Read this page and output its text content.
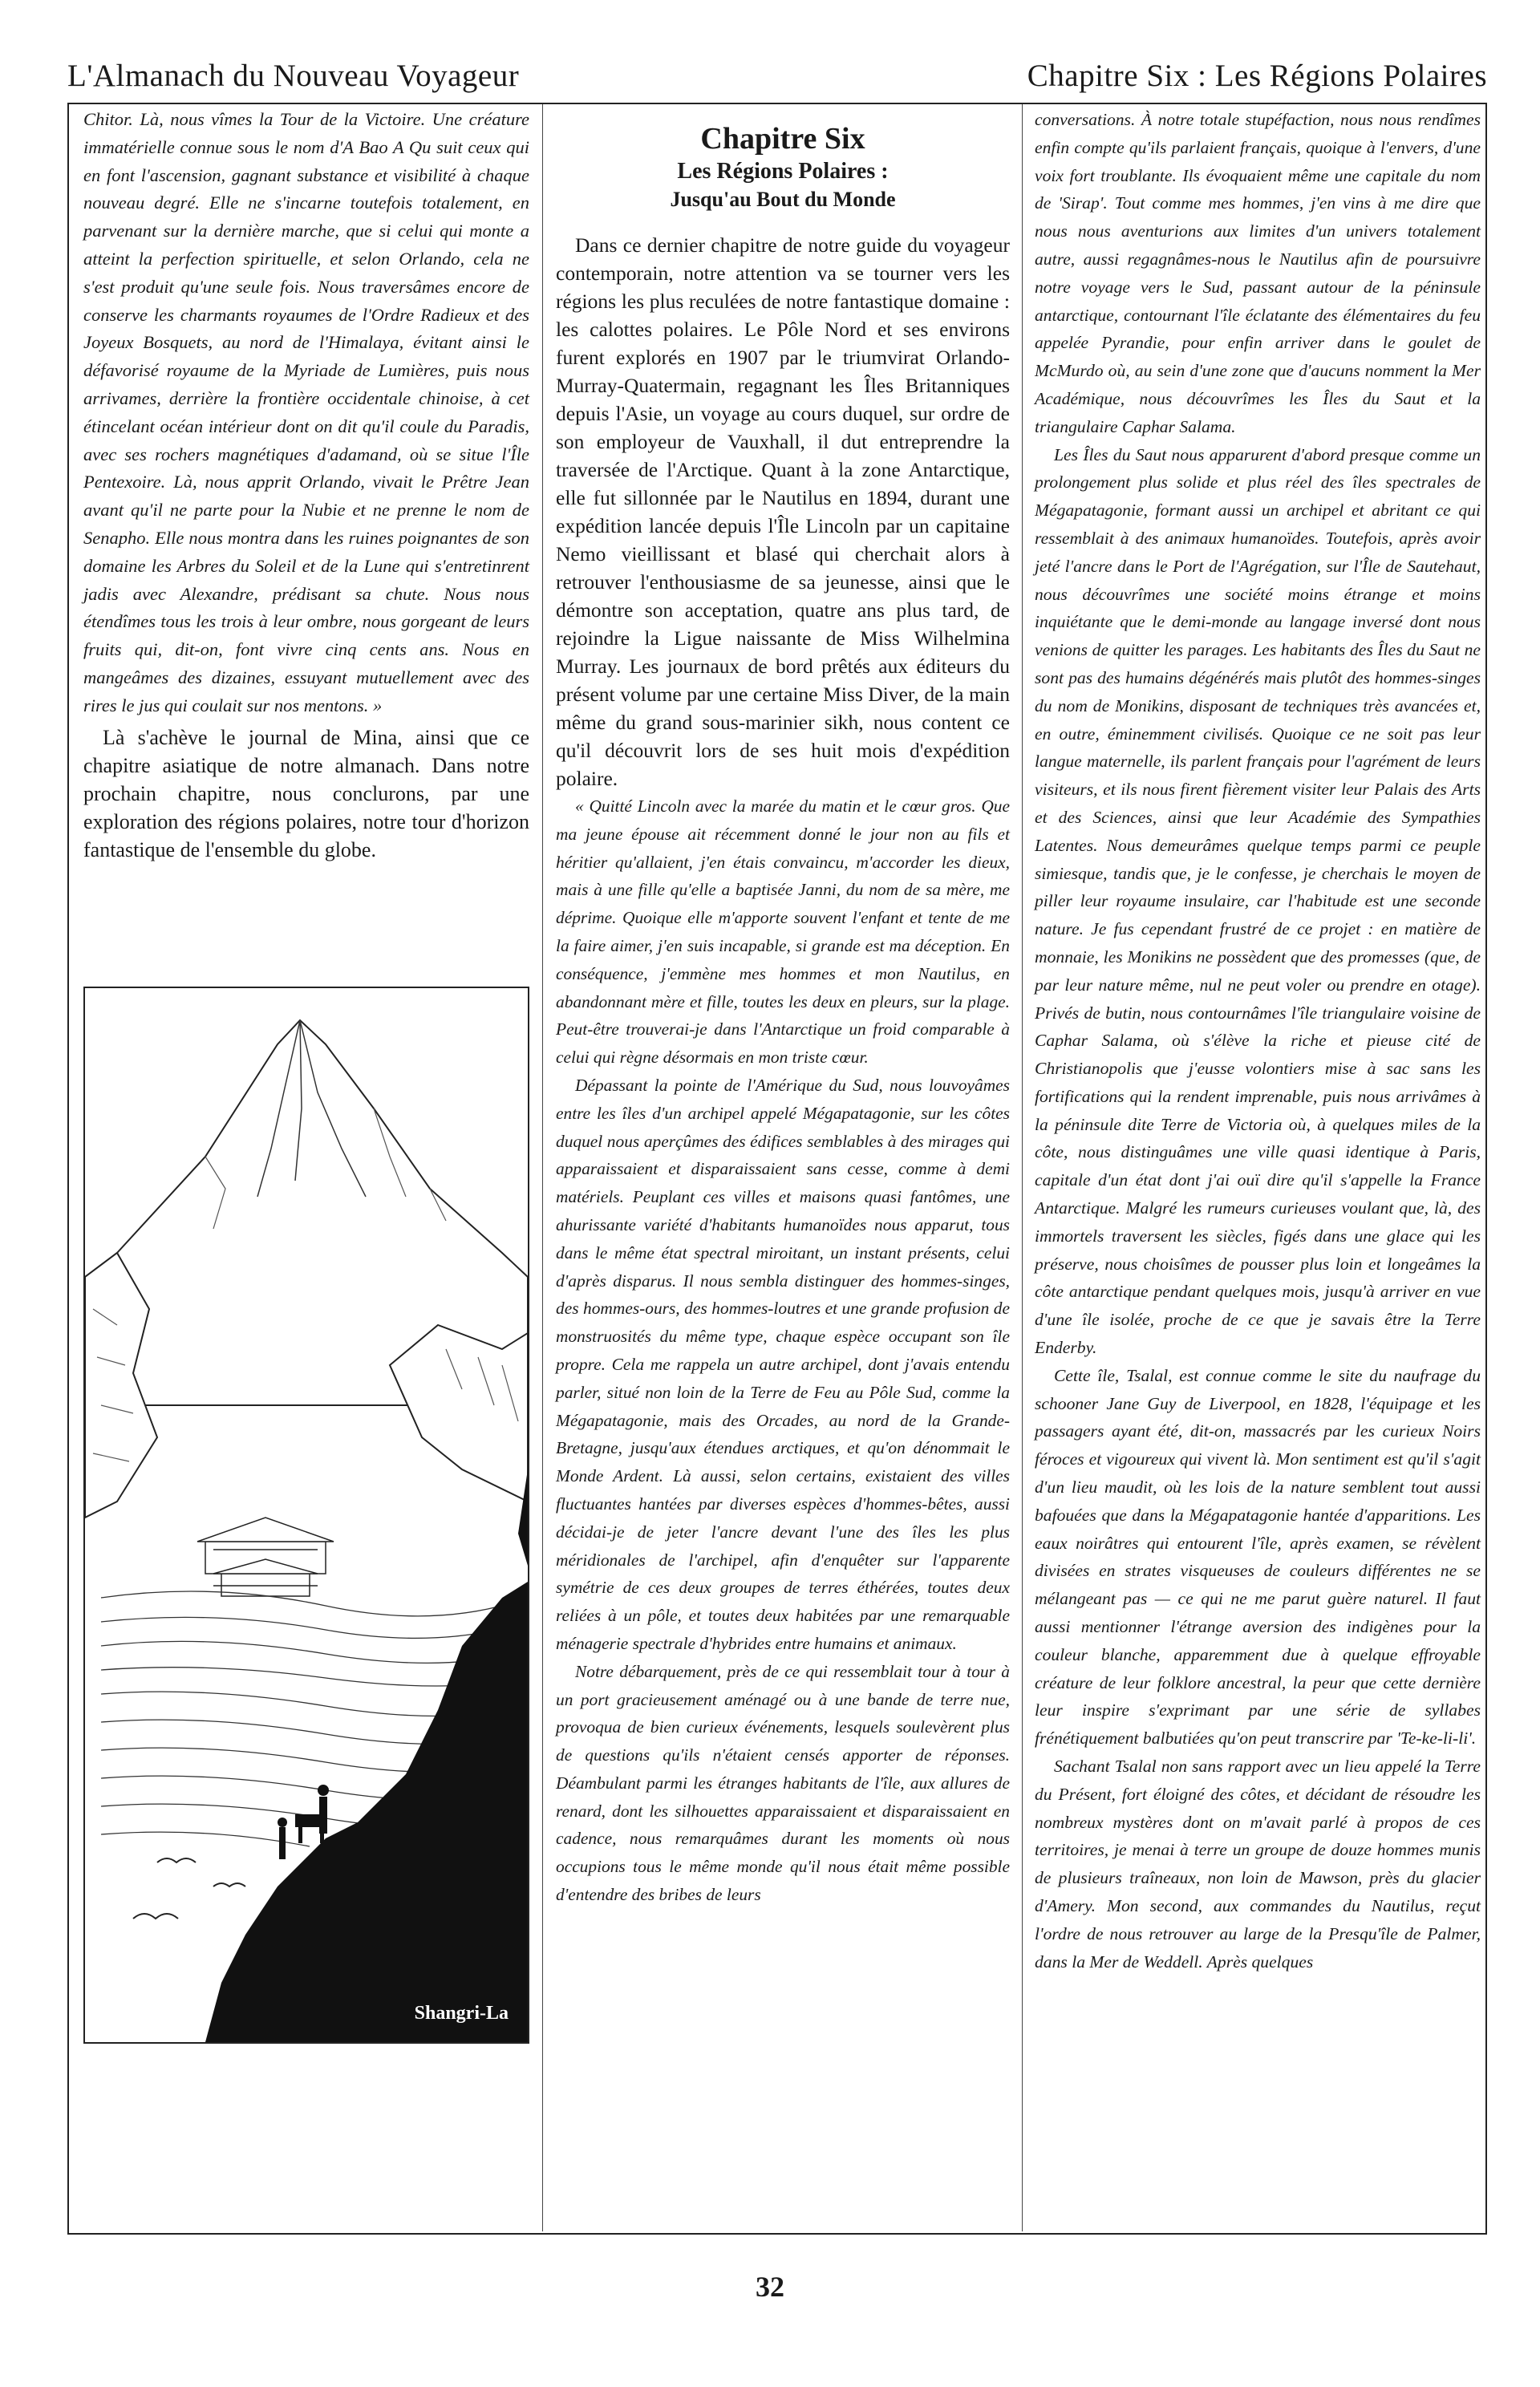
L'Almanach du Nouveau Voyageur	Chapitre Six : Les Régions Polaires

Chitor. Là, nous vîmes la Tour de la Victoire. Une créature immatérielle connue sous le nom d'A Bao A Qu suit ceux qui en font l'ascension, gagnant substance et visibilité à chaque nouveau degré. Elle ne s'incarne toutefois totalement, en parvenant sur la dernière marche, que si celui qui monte a atteint la perfection spirituelle, et selon Orlando, cela ne s'est produit qu'une seule fois. Nous traversâmes encore de conserve les charmants royaumes de l'Ordre Radieux et des Joyeux Bosquets, au nord de l'Himalaya, évitant ainsi le défavorisé royaume de la Myriade de Lumières, puis nous arrivames, derrière la frontière occidentale chinoise, à cet étincelant océan intérieur dont on dit qu'il coule du Paradis, avec ses rochers magnétiques d'adamand, où se situe l'Île Pentexoire. Là, nous apprit Orlando, vivait le Prêtre Jean avant qu'il ne parte pour la Nubie et ne prenne le nom de Senapho. Elle nous montra dans les ruines poignantes de son domaine les Arbres du Soleil et de la Lune qui s'entretinrent jadis avec Alexandre, prédisant sa chute. Nous nous étendîmes tous les trois à leur ombre, nous gorgeant de leurs fruits qui, dit-on, font vivre cinq cents ans. Nous en mangeâmes des dizaines, essuyant mutuellement avec des rires le jus qui coulait sur nos mentons. »

Là s'achève le journal de Mina, ainsi que ce chapitre asiatique de notre almanach. Dans notre prochain chapitre, nous conclurons, par une exploration des régions polaires, notre tour d'horizon fantastique de l'ensemble du globe.

Shangri-La
Chapitre Six
Les Régions Polaires :
Jusqu'au Bout du Monde

Dans ce dernier chapitre de notre guide du voyageur contemporain, notre attention va se tourner vers les régions les plus reculées de notre fantastique domaine : les calottes polaires. Le Pôle Nord et ses environs furent explorés en 1907 par le triumvirat Orlando-Murray-Quatermain, regagnant les Îles Britanniques depuis l'Asie, un voyage au cours duquel, sur ordre de son employeur de Vauxhall, il dut entreprendre la traversée de l'Arctique. Quant à la zone Antarctique, elle fut sillonnée par le Nautilus en 1894, durant une expédition lancée depuis l'Île Lincoln par un capitaine Nemo vieillissant et blasé qui cherchait alors à retrouver l'enthousiasme de sa jeunesse, ainsi que le démontre son acceptation, quatre ans plus tard, de rejoindre la Ligue naissante de Miss Wilhelmina Murray. Les journaux de bord prêtés aux éditeurs du présent volume par une certaine Miss Diver, de la main même du grand sous-marinier sikh, nous content ce qu'il découvrit lors de ses huit mois d'expédition polaire.

« Quitté Lincoln avec la marée du matin et le cœur gros. Que ma jeune épouse ait récemment donné le jour non au fils et héritier qu'allaient, j'en étais convaincu, m'accorder les dieux, mais à une fille qu'elle a baptisée Janni, du nom de sa mère, me déprime. Quoique elle m'apporte souvent l'enfant et tente de me la faire aimer, j'en suis incapable, si grande est ma déception. En conséquence, j'emmène mes hommes et mon Nautilus, en abandonnant mère et fille, toutes les deux en pleurs, sur la plage. Peut-être trouverai-je dans l'Antarctique un froid comparable à celui qui règne désormais en mon triste cœur.

Dépassant la pointe de l'Amérique du Sud, nous louvoyâmes entre les îles d'un archipel appelé Mégapatagonie, sur les côtes duquel nous aperçûmes des édifices semblables à des mirages qui apparaissaient et disparaissaient sans cesse, comme à demi matériels. Peuplant ces villes et maisons quasi fantômes, une ahurissante variété d'habitants humanoïdes nous apparut, tous dans le même état spectral miroitant, un instant présents, celui d'après disparus. Il nous sembla distinguer des hommes-singes, des hommes-ours, des hommes-loutres et une grande profusion de monstruosités du même type, chaque espèce occupant son île propre. Cela me rappela un autre archipel, dont j'avais entendu parler, situé non loin de la Terre de Feu au Pôle Sud, comme la Mégapatagonie, mais des Orcades, au nord de la Grande-Bretagne, jusqu'aux étendues arctiques, et qu'on dénommait le Monde Ardent. Là aussi, selon certains, existaient des villes fluctuantes hantées par diverses espèces d'hommes-bêtes, aussi décidai-je de jeter l'ancre devant l'une des îles les plus méridionales de l'archipel, afin d'enquêter sur l'apparente symétrie de ces deux groupes de terres éthérées, toutes deux reliées à un pôle, et toutes deux habitées par une remarquable ménagerie spectrale d'hybrides entre humains et animaux.

Notre débarquement, près de ce qui ressemblait tour à tour à un port gracieusement aménagé ou à une bande de terre nue, provoqua de bien curieux événements, lesquels soulevèrent plus de questions qu'ils n'étaient censés apporter de réponses. Déambulant parmi les étranges habitants de l'île, aux allures de renard, dont les silhouettes apparaissaient et disparaissaient en cadence, nous remarquâmes durant les moments où nous occupions tous le même monde qu'il nous était même possible d'entendre des bribes de leurs

conversations. À notre totale stupéfaction, nous nous rendîmes enfin compte qu'ils parlaient français, quoique à l'envers, d'une voix fort troublante. Ils évoquaient même une capitale du nom de 'Sirap'. Tout comme mes hommes, j'en vins à me dire que nous nous aventurions aux limites d'un univers totalement autre, aussi regagnâmes-nous le Nautilus afin de poursuivre notre voyage vers le Sud, passant autour de la péninsule antarctique, contournant l'île éclatante des élémentaires du feu appelée Pyrandie, pour enfin arriver dans le goulet de McMurdo où, au sein d'une zone que d'aucuns nomment la Mer Académique, nous découvrîmes les Îles du Saut et la triangulaire Caphar Salama.

Les Îles du Saut nous apparurent d'abord presque comme un prolongement plus solide et plus réel des îles spectrales de Mégapatagonie, formant aussi un archipel et abritant ce qui ressemblait à des animaux humanoïdes. Toutefois, après avoir jeté l'ancre dans le Port de l'Agrégation, sur l'Île de Sautehaut, nous découvrîmes une société moins étrange et moins inquiétante que le demi-monde au langage inversé dont nous venions de quitter les parages. Les habitants des Îles du Saut ne sont pas des humains dégénérés mais plutôt des hommes-singes du nom de Monikins, disposant de techniques très avancées et, en outre, éminemment civilisés. Quoique ce ne soit pas leur langue maternelle, ils parlent français pour l'agrément de leurs visiteurs, et ils nous firent fièrement visiter leur Palais des Arts et des Sciences, ainsi que leur Académie des Sympathies Latentes. Nous demeurâmes quelque temps parmi ce peuple simiesque, tandis que, je le confesse, je cherchais le moyen de piller leur royaume insulaire, car l'habitude est une seconde nature. Je fus cependant frustré de ce projet : en matière de monnaie, les Monikins ne possèdent que des promesses (que, de par leur nature même, nul ne peut voler ou prendre en otage). Privés de butin, nous contournâmes l'île triangulaire voisine de Caphar Salama, où s'élève la riche et pieuse cité de Christianopolis que j'eusse volontiers mise à sac sans les fortifications qui la rendent imprenable, puis nous arrivâmes à la péninsule dite Terre de Victoria où, à quelques miles de la côte, nous distinguâmes une ville quasi identique à Paris, capitale d'un état dont j'ai ouï dire qu'il s'appelle la France Antarctique. Malgré les rumeurs curieuses voulant que, là, des immortels traversent les siècles, figés dans une glace qui les préserve, nous choisîmes de pousser plus loin et longeâmes la côte antarctique pendant quelques mois, jusqu'à arriver en vue d'une île isolée, proche de ce que je savais être la Terre Enderby.

Cette île, Tsalal, est connue comme le site du naufrage du schooner Jane Guy de Liverpool, en 1828, l'équipage et les passagers ayant été, dit-on, massacrés par les curieux Noirs féroces et vigoureux qui vivent là. Mon sentiment est qu'il s'agit d'un lieu maudit, où les lois de la nature semblent tout aussi bafouées que dans la Mégapatagonie hantée d'apparitions. Les eaux noirâtres qui entourent l'île, après examen, se révèlent divisées en strates visqueuses de couleurs différentes ne se mélangeant pas — ce qui ne me parut guère naturel. Il faut aussi mentionner l'étrange aversion des indigènes pour la couleur blanche, apparemment due à quelque effroyable créature de leur folklore ancestral, la peur que cette dernière leur inspire s'exprimant par une série de syllabes frénétiquement balbutiées qu'on peut transcrire par 'Te-ke-li-li'.

Sachant Tsalal non sans rapport avec un lieu appelé la Terre du Présent, fort éloigné des côtes, et décidant de résoudre les nombreux mystères dont on m'avait parlé à propos de ces territoires, je menai à terre un groupe de douze hommes munis de plusieurs traîneaux, non loin de Mawson, près du glacier d'Amery. Mon second, aux commandes du Nautilus, reçut l'ordre de nous retrouver au large de la Presqu'île de Palmer, dans la Mer de Weddell. Après quelques

32
